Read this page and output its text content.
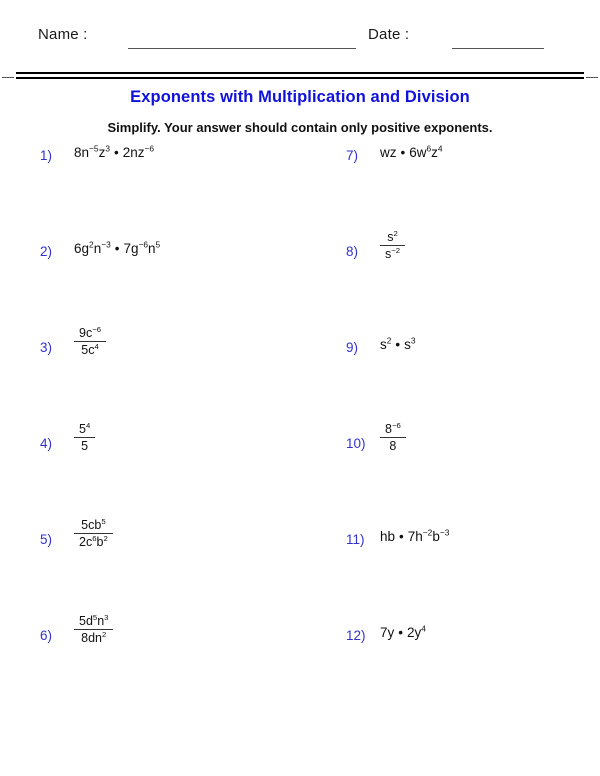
Name :	Date :
Exponents with Multiplication and Division
Simplify. Your answer should contain only positive exponents.
1) $8n^{-5}z^3$ • $2nz^{-6}$
2) $6g^2n^{-3}$ • $7g^{-6}n^5$
$3) \frac{9c^{-6}}{5c^4}$
$4) \frac{5^4}{5}$
$5) \frac{5cb^5}{2c^6b^2}$
$6) \frac{5d^5n^3}{8dn^2}$
7) wz • $6w^6z^4$
$8) \frac{s^2}{s^{-2}}$
9) $s^2$ • $s^3$
$10) \frac{8^{-6}}{8}$
11) hb • $7h^{-2}b^{-3}$
12) 7y • $2y^4$
